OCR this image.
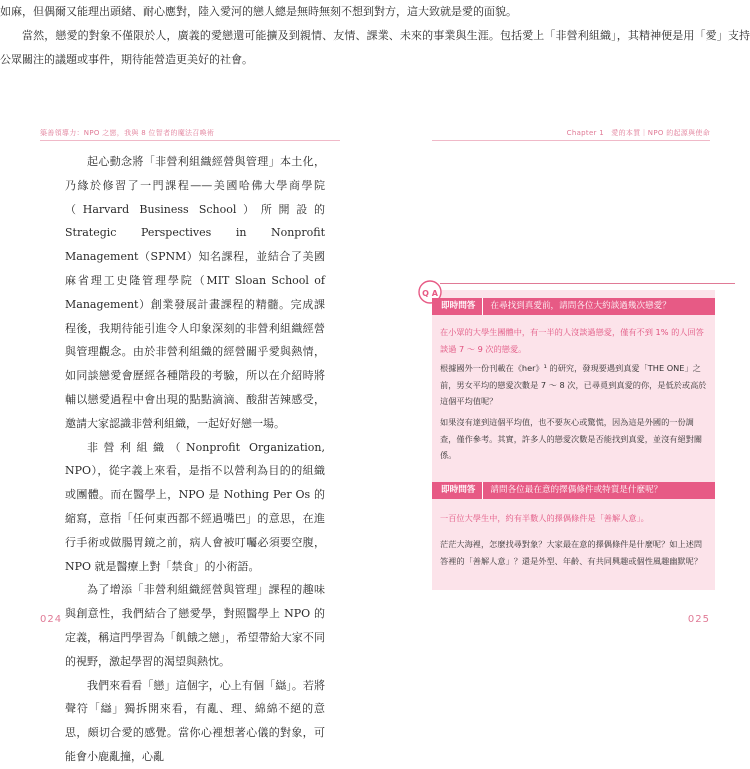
築善領導力：NPO 之戀，我與 8 位智者的魔法召喚術

起心動念將「非營利組織經營與管理」本土化，乃緣於修習了一門課程——美國哈佛大學商學院（Harvard Business School）所開設的 Strategic Perspectives in Nonprofit Management（SPNM）知名課程，並結合了美國麻省理工史隆管理學院（MIT Sloan School of Management）創業發展計畫課程的精髓。完成課程後，我期待能引進令人印象深刻的非營利組織經營與管理觀念。由於非營利組織的經營關乎愛與熱情，如同談戀愛會歷經各種階段的考驗，所以在介紹時將輔以戀愛過程中會出現的點點滴滴、酸甜苦辣感受，邀請大家認識非營利組織，一起好好戀一場。

非營利組織（Nonprofit Organization, NPO），從字義上來看，是指不以營利為目的的組織或團體。而在醫學上，NPO 是 Nothing Per Os 的縮寫，意指「任何東西都不經過嘴巴」的意思，在進行手術或做腸胃鏡之前，病人會被叮囑必須要空腹，NPO 就是醫療上對「禁食」的小術語。

為了增添「非營利組織經營與管理」課程的趣味與創意性，我們結合了戀愛學，對照醫學上 NPO 的定義，稱這門學習為「飢餓之戀」，希望帶給大家不同的視野，激起學習的渴望與熱忱。

我們來看看「戀」這個字，心上有個「䜌」。若將聲符「䜌」獨拆開來看，有亂、理、綿綿不絕的意思，頗切合愛的感覺。當你心裡想著心儀的對象，可能會小鹿亂撞，心亂

024
Chapter 1　愛的本質｜NPO 的起源與使命
025

如麻，但偶爾又能理出頭緒、耐心應對，陸入愛河的戀人總是無時無刻不想到對方，這大致就是愛的面貌。

當然，戀愛的對象不僅限於人，廣義的愛戀還可能擴及到親情、友情、課業、未來的事業與生涯。包括愛上「非營利組織」，其精神便是用「愛」支持公眾關注的議題或事件，期待能營造更美好的社會。

Q A
即時問答	在尋找到真愛前，請問各位大約談過幾次戀愛？

在小眾的大學生團體中，有一半的人沒談過戀愛，僅有不到 1% 的人回答談過 7 ～ 9 次的戀愛。

根據國外一份刊載在《her》¹ 的研究，發現要遇到真愛「THE ONE」之前，男女平均的戀愛次數是 7 ～ 8 次，已尋覓到真愛的你，是低於或高於這個平均值呢？

如果沒有達到這個平均值，也不要灰心或驚慌，因為這是外國的一份調查，僅作參考。其實，許多人的戀愛次數是否能找到真愛，並沒有絕對關係。

即時問答	請問各位最在意的擇偶條件或特質是什麼呢？

一百位大學生中，約有半數人的擇偶條件是「善解人意」。

茫茫大海裡，怎麼找尋對象？大家最在意的擇偶條件是什麼呢？如上述問答裡的「善解人意」？還是外型、年齡、有共同興趣或個性風趣幽默呢？
